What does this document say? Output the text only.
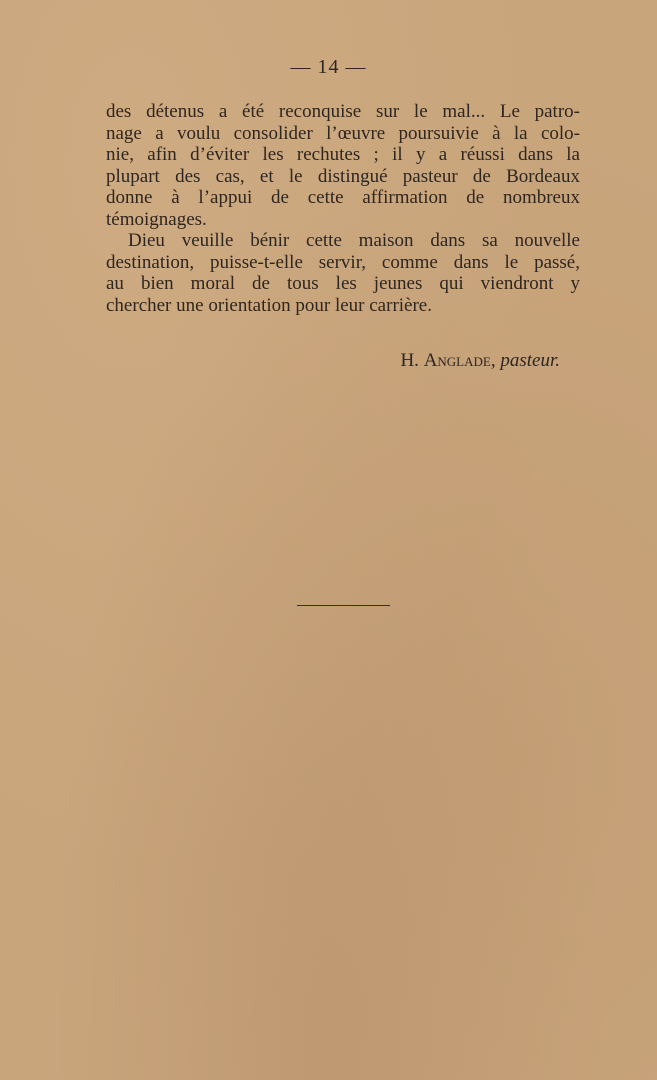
— 14 —

des détenus a été reconquise sur le mal... Le patro-
nage a voulu consolider l’œuvre poursuivie à la colo-
nie, afin d’éviter les rechutes ; il y a réussi dans la
plupart des cas, et le distingué pasteur de Bordeaux
donne à l’appui de cette affirmation de nombreux
témoignages.

Dieu veuille bénir cette maison dans sa nouvelle
destination, puisse-t-elle servir, comme dans le passé,
au bien moral de tous les jeunes qui viendront y
chercher une orientation pour leur carrière.

H. Anglade, pasteur.
